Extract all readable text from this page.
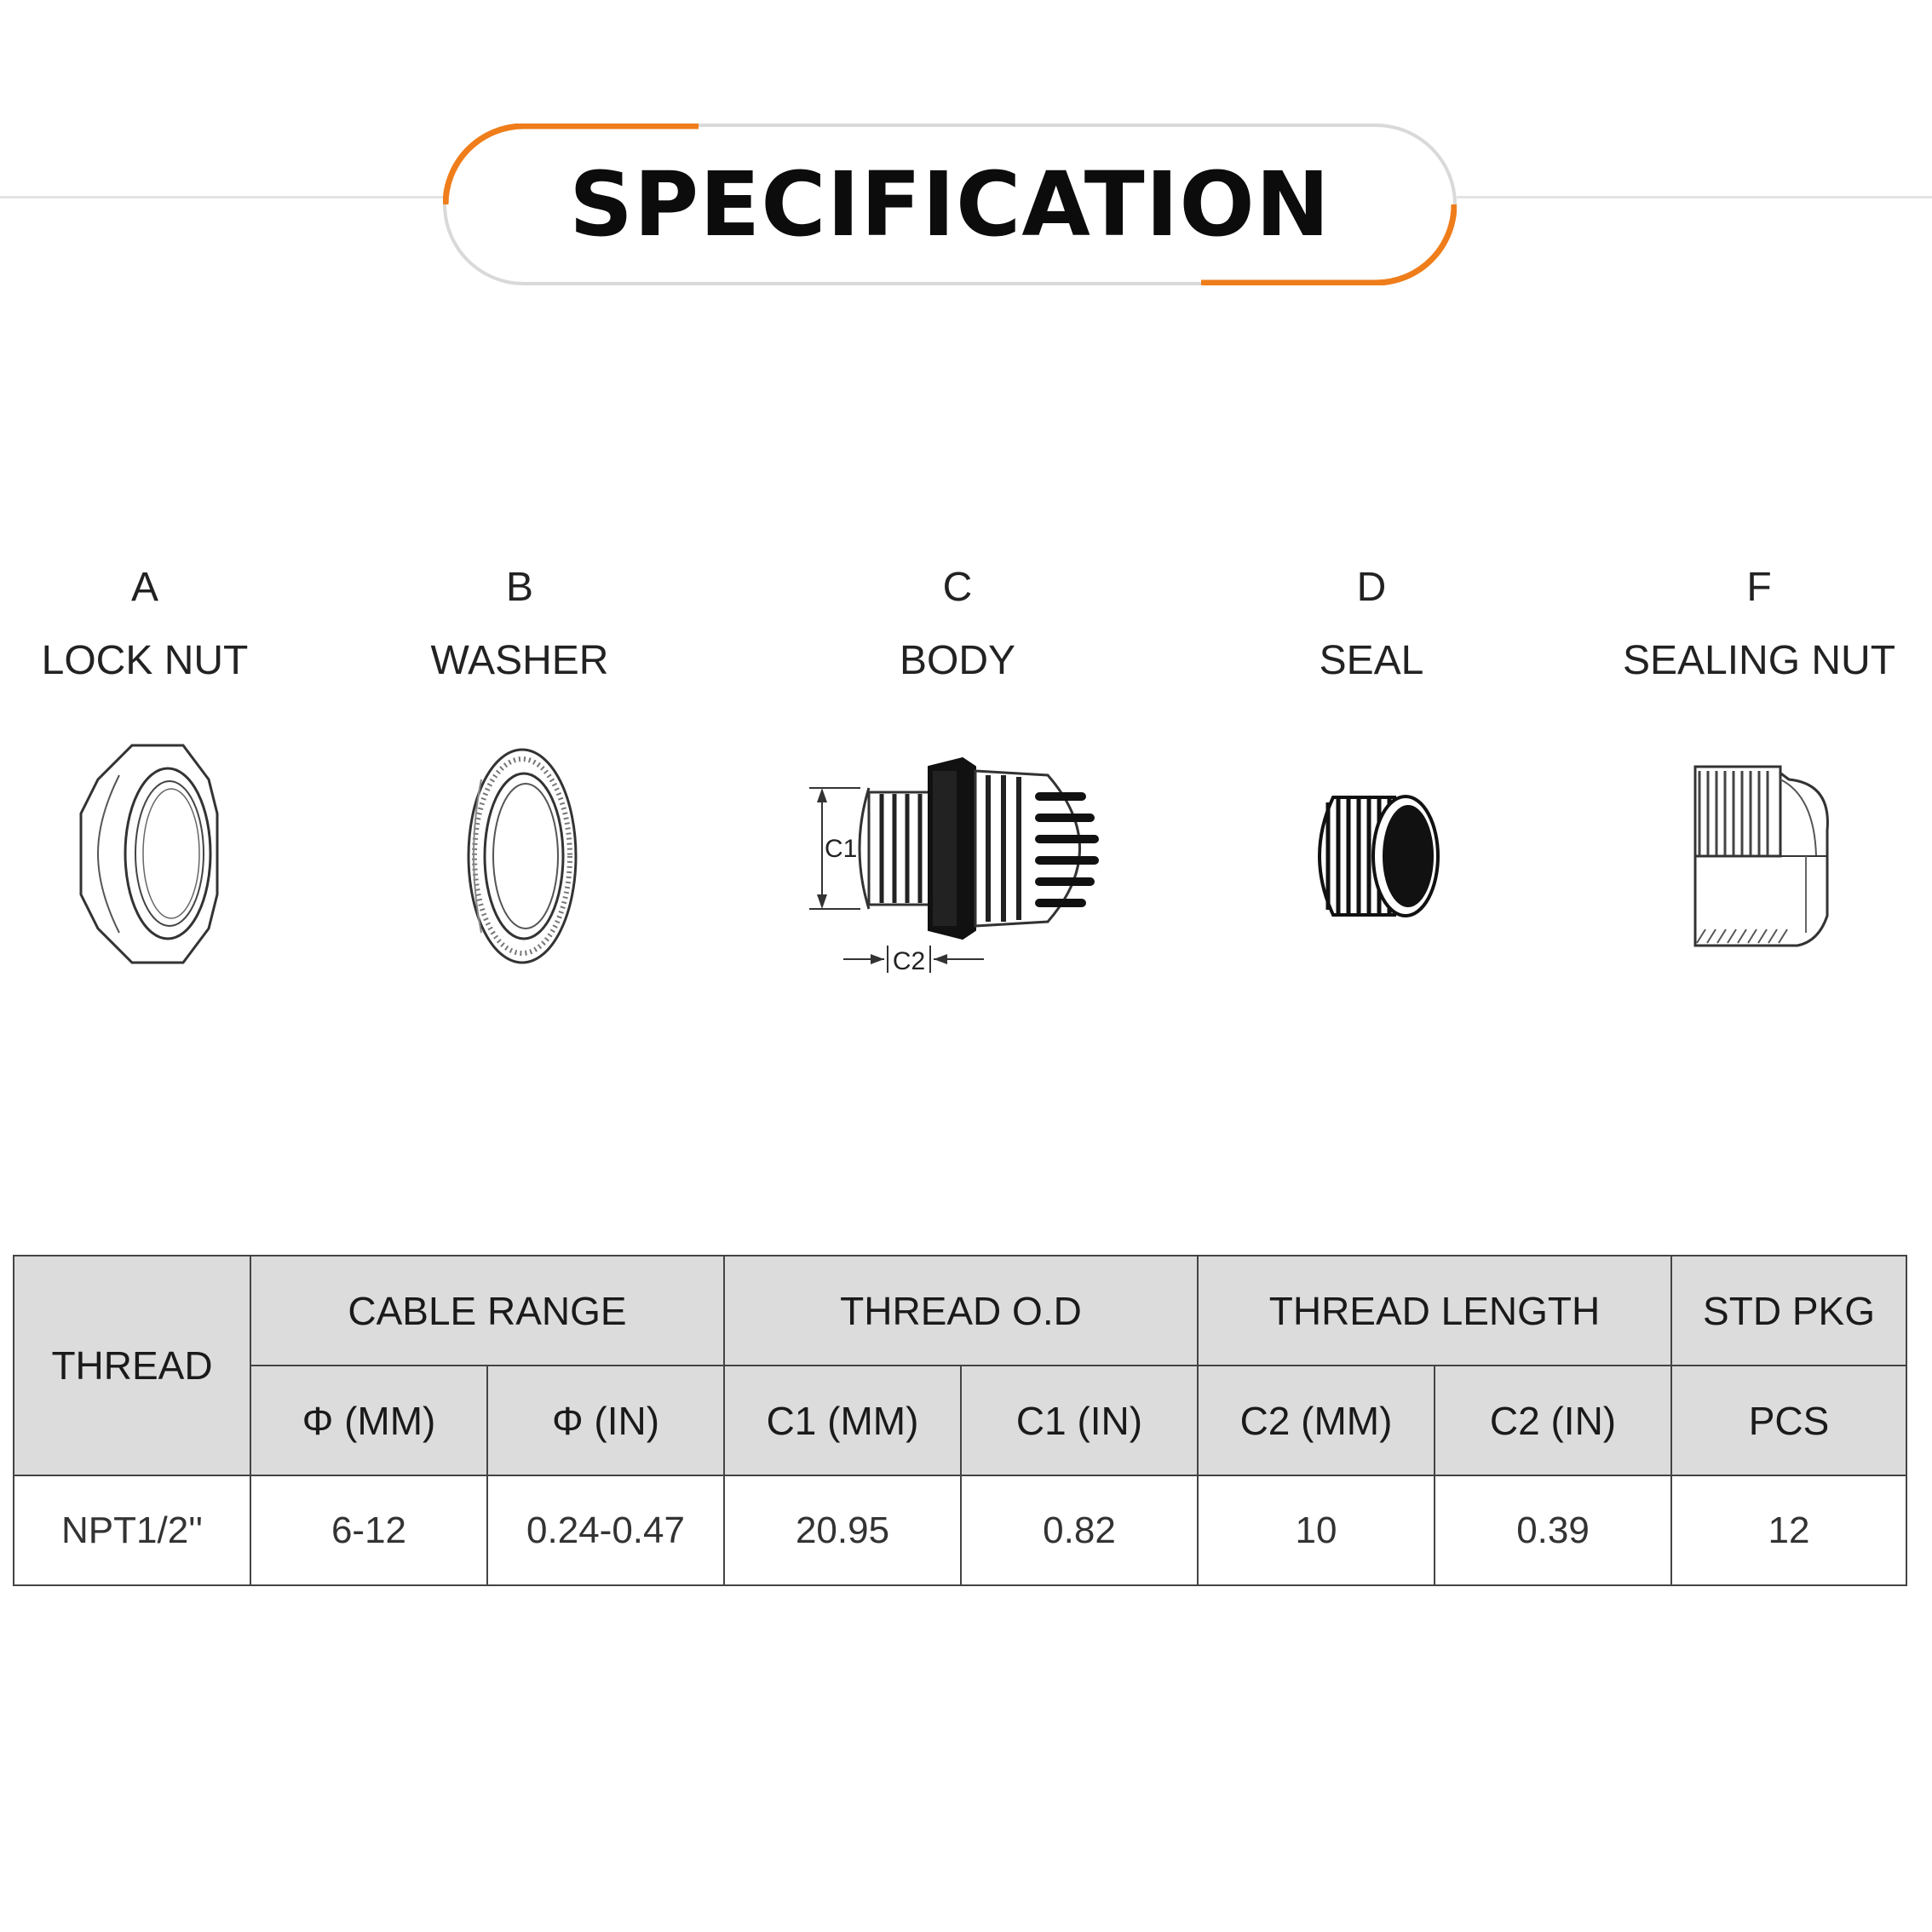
SPECIFICATION
A
LOCK NUT
B
WASHER
C
BODY
D
SEAL
F
SEALING NUT
C1
C2
THREAD	CABLE RANGE		THREAD O.D		THREAD LENGTH		STD PKG
	Φ (MM)	Φ (IN)	C1 (MM)	C1 (IN)	C2 (MM)	C2 (IN)	PCS
NPT1/2''	6-12	0.24-0.47	20.95	0.82	10	0.39	12
